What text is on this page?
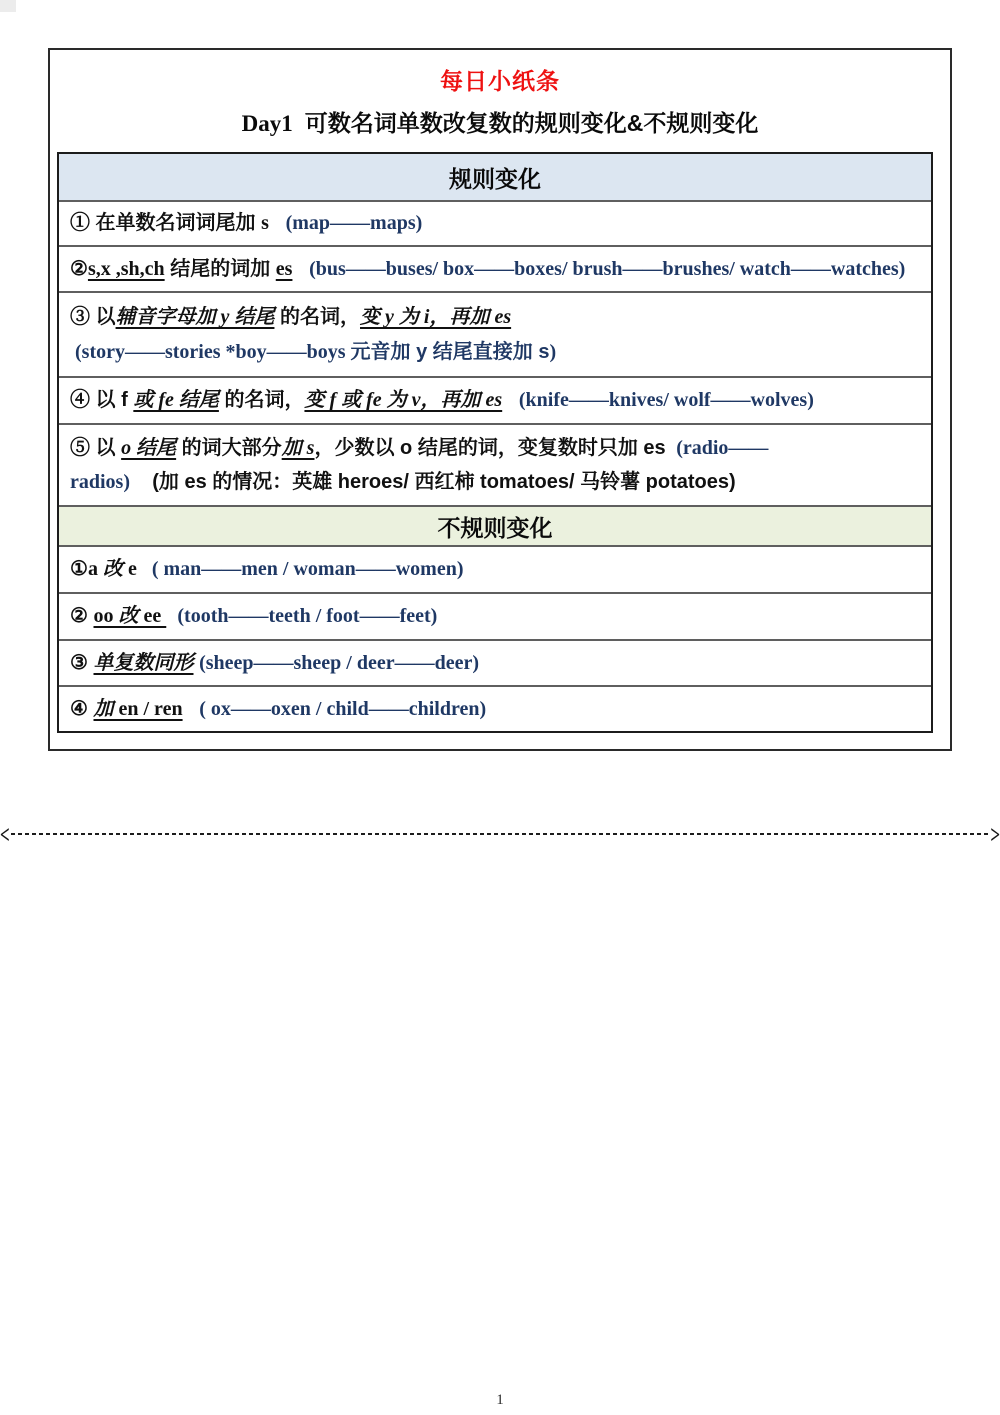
每日小纸条
Day1 可数名词单数改复数的规则变化&不规则变化
规则变化
① 在单数名词词尾加 s (map——maps)
②s,x ,sh,ch 结尾的词加 es (bus——buses/ box——boxes/ brush——brushes/ watch——watches)
③ 以辅音字母加 y 结尾 的名词，变 y 为 i，再加 es
(story——stories *boy——boys 元音加 y 结尾直接加 s)
④ 以 f 或 fe 结尾 的名词，变 f 或 fe 为 v，再加 es (knife——knives/ wolf——wolves)
⑤ 以 o 结尾 的词大部分加 s，少数以 o 结尾的词，变复数时只加 es  (radio——
radios)    (加 es 的情况：英雄 heroes/ 西红柿 tomatoes/ 马铃薯 potatoes)
不规则变化
①a 改 e   ( man——men / woman——women)
② oo 改 ee   (tooth——teeth / foot——feet)
③ 单复数同形 (sheep——sheep / deer——deer)
④ 加 en / ren ( ox——oxen / child——children)
<	>
1
